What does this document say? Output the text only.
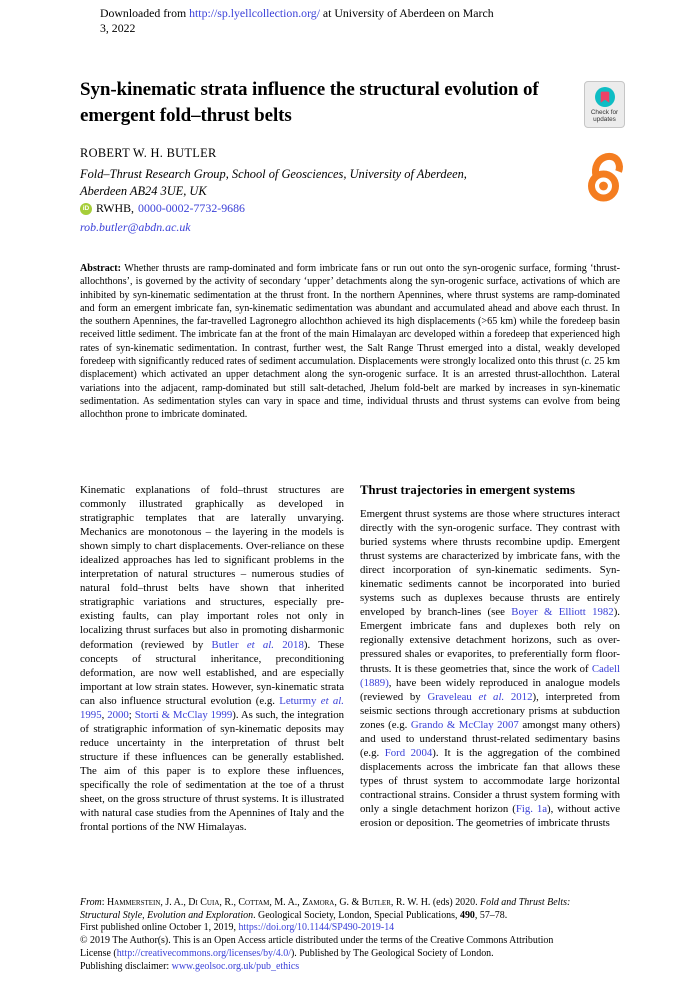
Downloaded from http://sp.lyellcollection.org/ at University of Aberdeen on March
3, 2022
Syn-kinematic strata influence the structural evolution of
emergent fold–thrust belts	Check for
updates
ROBERT W. H. BUTLER
Fold–Thrust Research Group, School of Geosciences, University of Aberdeen,
Aberdeen AB24 3UE, UK
iD RWHB, 0000-0002-7732-9686
rob.butler@abdn.ac.uk
Abstract: Whether thrusts are ramp-dominated and form imbricate fans or run out onto the syn-orogenic surface, forming ‘thrust-allochthons’, is governed by the activity of secondary ‘upper’ detachments along the syn-orogenic surface, activations of which are inhibited by syn-kinematic sedimentation at the thrust front. In the northern Apennines, where thrust systems are ramp-dominated and form an emergent imbricate fan, syn-kinematic sedimentation was abundant and accumulated ahead and above each thrust. In the southern Apennines, the far-travelled Lagronegro allochthon achieved its high displacements (>65 km) while the foredeep basin received little sediment. The imbricate fan at the front of the main Himalayan arc developed within a foredeep that experienced high rates of syn-kinematic sedimentation. In contrast, further west, the Salt Range Thrust emerged into a distal, weakly developed foredeep with significantly reduced rates of sediment accumulation. Displacements were strongly localized onto this thrust (c. 25 km displacement) which activated an upper detachment along the syn-orogenic surface. It is an arrested thrust-allochthon. Lateral variations into the adjacent, ramp-dominated but still salt-detached, Jhelum fold-belt are marked by increases in syn-kinematic sedimentation. As sedimentation styles can vary in space and time, individual thrusts and thrust systems can evolve from being allochthon prone to imbricate dominated.
Kinematic explanations of fold–thrust structures are commonly illustrated graphically as developed in stratigraphic templates that are laterally unvarying. Mechanics are monotonous – the layering in the models is shown simply to chart displacements. Over-reliance on these idealized approaches has led to significant problems in the interpretation of natural structures – numerous studies of natural fold–thrust belts have shown that inherited stratigraphic variations and structures, especially pre-existing faults, can play important roles not only in localizing thrust surfaces but also in promoting disharmonic deformation (reviewed by Butler et al. 2018). These concepts of structural inheritance, preconditioning deformation, are now well established, and are especially important at low strain states. However, syn-kinematic strata can also influence structural evolution (e.g. Leturmy et al. 1995, 2000; Storti & McClay 1999). As such, the integration of stratigraphic information of syn-kinematic deposits may reduce uncertainty in the interpretation of thrust belt structure if these influences can be generally established. The aim of this paper is to explore these influences, specifically the role of sedimentation at the toe of a thrust sheet, on the gross structure of thrust systems. It is illustrated with natural case studies from the Apennines of Italy and the frontal portions of the NW Himalayas.
Thrust trajectories in emergent systems
Emergent thrust systems are those where structures interact directly with the syn-orogenic surface. They contrast with buried systems where thrusts recombine updip. Emergent thrust systems are characterized by imbricate fans, with the direct incorporation of syn-kinematic sediments. Syn-kinematic sediments cannot be incorporated into buried systems such as duplexes because thrusts are entirely enveloped by branch-lines (see Boyer & Elliott 1982). Emergent imbricate fans and duplexes both rely on regionally extensive detachment horizons, such as over-pressured shales or evaporites, to preferentially form floor-thrusts. It is these geometries that, since the work of Cadell (1889), have been widely reproduced in analogue models (reviewed by Graveleau et al. 2012), interpreted from seismic sections through accretionary prisms at subduction zones (e.g. Grando & McClay 2007 amongst many others) and used to understand thrust-related sedimentary basins (e.g. Ford 2004). It is the aggregation of the combined displacements across the imbricate fan that allows these types of thrust system to accommodate large horizontal contractional strains. Consider a thrust system forming with only a single detachment horizon (Fig. 1a), without active erosion or deposition. The geometries of imbricate thrusts
From: Hammerstein, J. A., Di Cuia, R., Cottam, M. A., Zamora, G. & Butler, R. W. H. (eds) 2020. Fold and Thrust Belts:
Structural Style, Evolution and Exploration. Geological Society, London, Special Publications, 490, 57–78.
First published online October 1, 2019, https://doi.org/10.1144/SP490-2019-14
© 2019 The Author(s). This is an Open Access article distributed under the terms of the Creative Commons Attribution
License (http://creativecommons.org/licenses/by/4.0/). Published by The Geological Society of London.
Publishing disclaimer: www.geolsoc.org.uk/pub_ethics
